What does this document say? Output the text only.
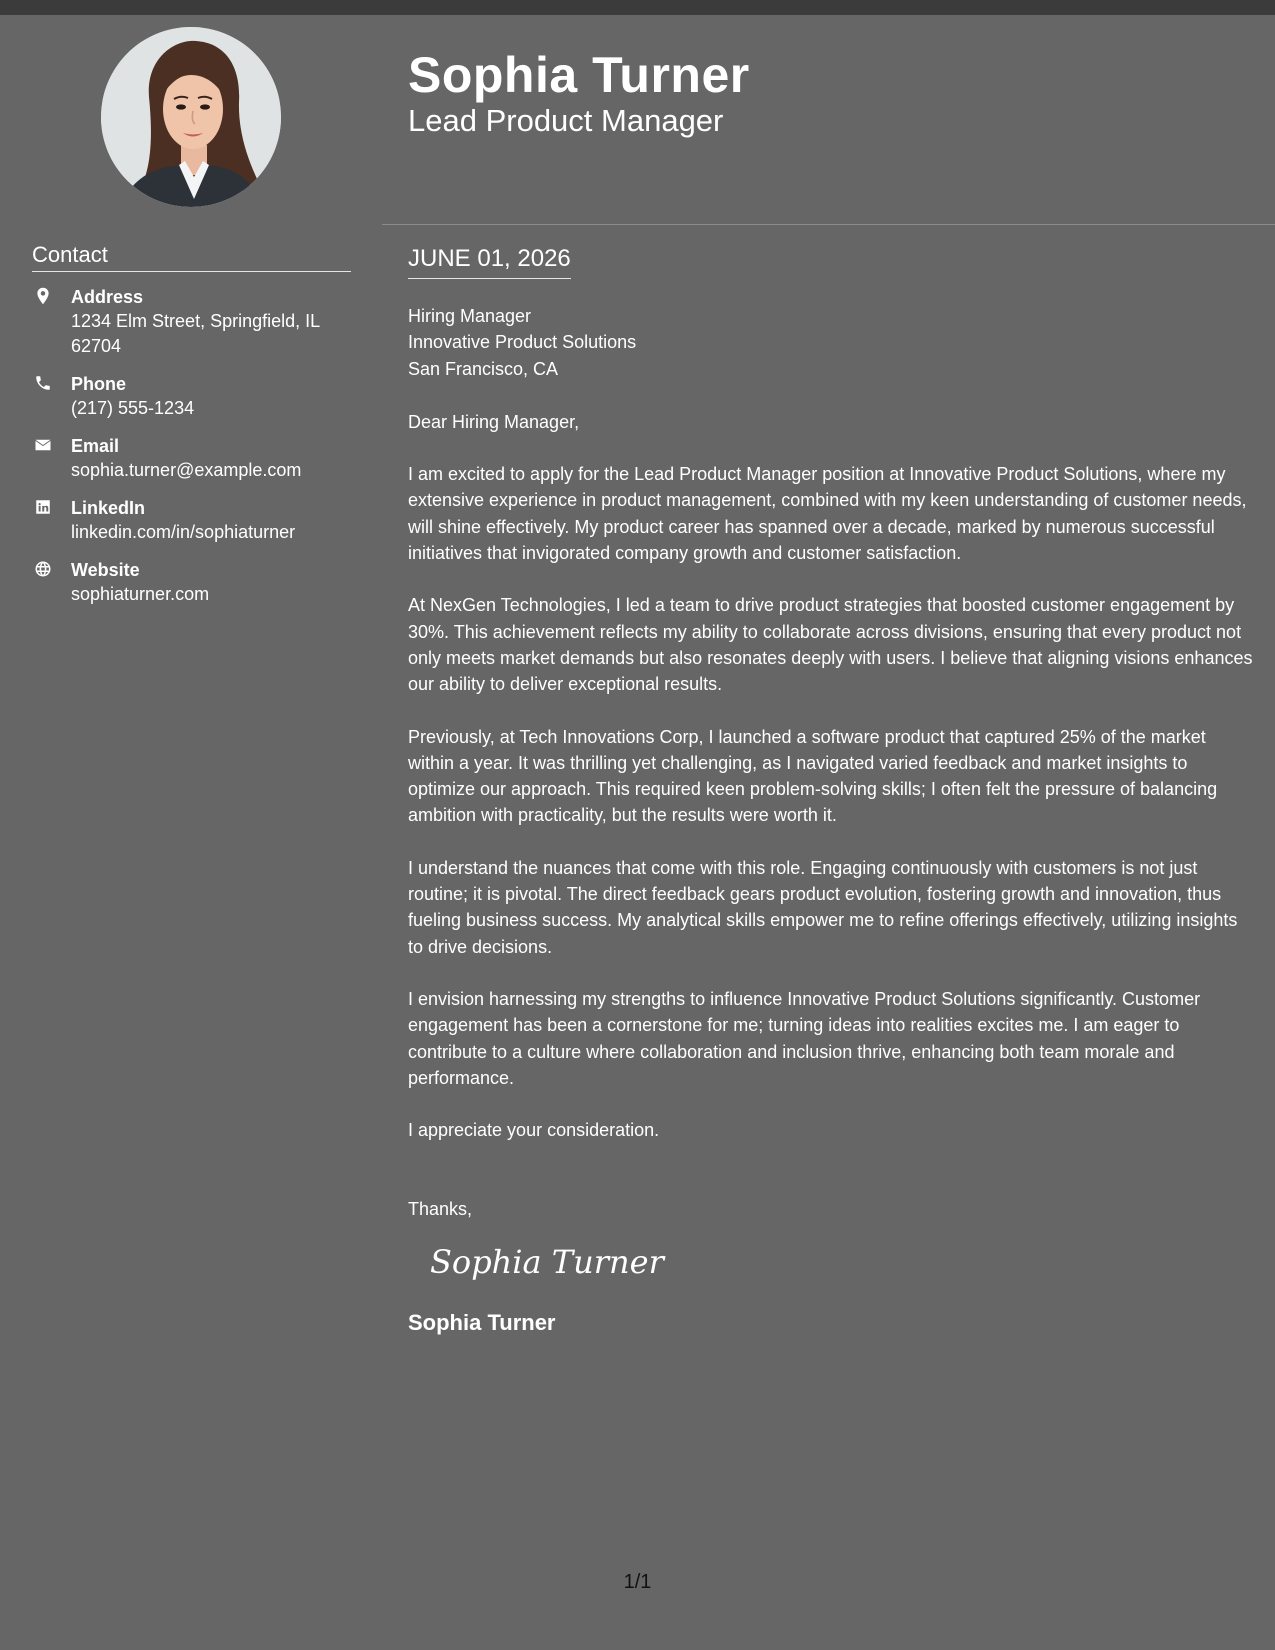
Contact
Address
1234 Elm Street, Springfield, IL 62704
Phone
(217) 555-1234
Email
sophia.turner@example.com
LinkedIn
linkedin.com/in/sophiaturner
Website
sophiaturner.com
Sophia Turner
Lead Product Manager
JUNE 01, 2026
Hiring Manager
Innovative Product Solutions
San Francisco, CA
Dear Hiring Manager,

I am excited to apply for the Lead Product Manager position at Innovative Product Solutions, where my extensive experience in product management, combined with my keen understanding of customer needs, will shine effectively. My product career has spanned over a decade, marked by numerous successful initiatives that invigorated company growth and customer satisfaction.

At NexGen Technologies, I led a team to drive product strategies that boosted customer engagement by 30%. This achievement reflects my ability to collaborate across divisions, ensuring that every product not only meets market demands but also resonates deeply with users. I believe that aligning visions enhances our ability to deliver exceptional results.

Previously, at Tech Innovations Corp, I launched a software product that captured 25% of the market within a year. It was thrilling yet challenging, as I navigated varied feedback and market insights to optimize our approach. This required keen problem-solving skills; I often felt the pressure of balancing ambition with practicality, but the results were worth it.

I understand the nuances that come with this role. Engaging continuously with customers is not just routine; it is pivotal. The direct feedback gears product evolution, fostering growth and innovation, thus fueling business success. My analytical skills empower me to refine offerings effectively, utilizing insights to drive decisions.

I envision harnessing my strengths to influence Innovative Product Solutions significantly. Customer engagement has been a cornerstone for me; turning ideas into realities excites me. I am eager to contribute to a culture where collaboration and inclusion thrive, enhancing both team morale and performance.

I appreciate your consideration.
Thanks,
Sophia Turner
Sophia Turner
1/1
